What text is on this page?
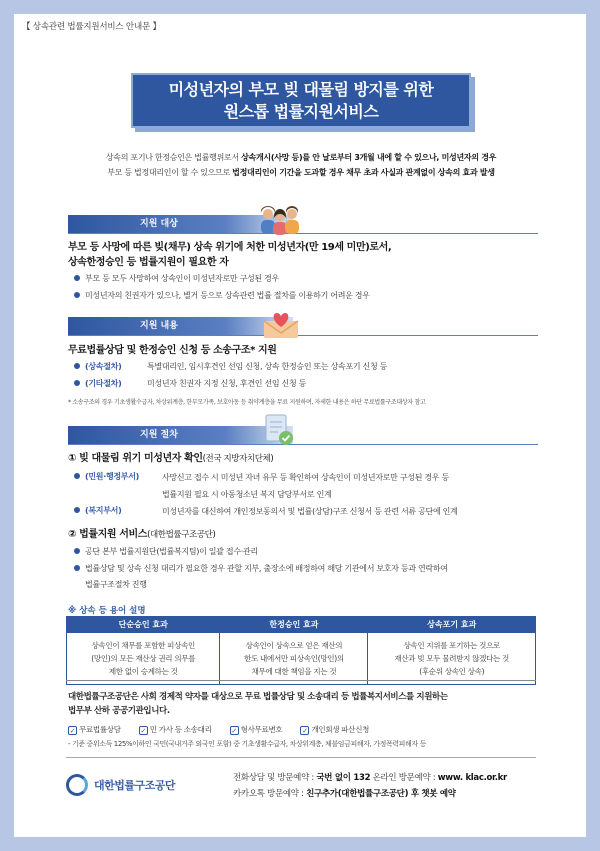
【 상속관련 법률지원서비스 안내문 】
미성년자의 부모 빚 대물림 방지를 위한
원스톱 법률지원서비스
상속의 포기나 한정승인은 법률행위로서 상속개시(사망 등)를 안 날로부터 3개월 내에 할 수 있으나, 미성년자의 경우
부모 등 법정대리인이 할 수 있으므로 법정대리인이 기간을 도과할 경우 채무 초과 사실과 관계없이 상속의 효과 발생
지원 대상
부모 등 사망에 따른 빚(채무) 상속 위기에 처한 미성년자(만 19세 미만)로서,
상속한정승인 등 법률지원이 필요한 자
부모 등 모두 사망하여 상속인이 미성년자로만 구성된 경우
미성년자의 친권자가 있으나, 별거 등으로 상속관련 법률 절차를 이용하기 어려운 경우
지원 내용
무료법률상담 및 한정승인 신청 등 소송구조* 지원
(상속절차)	특별대리인, 임시후견인 선임 신청, 상속 한정승인 또는 상속포기 신청 등
(기타절차)	미성년자 친권자 지정 신청, 후견인 선임 신청 등
* 소송구조의 경우 기초생활수급자, 차상위계층, 한부모가족, 보호아동 등 취약계층을 무료 지원하며, 자세한 내용은 하단 무료법률구조대상자 참고
지원 절차
① 빚 대물림 위기 미성년자 확인(전국 지방자치단체)
(민원·행정부서)	사망신고 접수 시 미성년 자녀 유무 등 확인하여 상속인이 미성년자로만 구성된 경우 등
법률지원 필요 시 아동청소년 복지 담당부서로 인계
(복지부서)	미성년자를 대신하여 개인정보동의서 및 법률(상담)구조 신청서 등 관련 서류 공단에 인계
② 법률지원 서비스(대한법률구조공단)
공단 본부 법률지원단(법률복지팀)이 일괄 접수·관리
법률상담 및 상속 신청 대리가 필요한 경우 관할 지부, 출장소에 배정하여 해당 기관에서 보호자 등과 연락하여
법률구조절차 진행
※ 상속 등 용어 설명
단순승인 효과	한정승인 효과	상속포기 효과
상속인이 채무를 포함한 피상속인
(망인)의 모든 재산상 권리 의무를
제한 없이 승계하는 것	상속인이 상속으로 얻은 재산의
한도 내에서만 피상속인(망인)의
채무에 대한 책임을 지는 것	상속인 지위를 포기하는 것으로
재산과 빚 모두 물려받지 않겠다는 것
(후순위 상속인 상속)
대한법률구조공단은 사회 경제적 약자를 대상으로 무료 법률상담 및 소송대리 등 법률복지서비스를 지원하는
법무부 산하 공공기관입니다.
✓ 무료법률상담	✓ 민 가사 등 소송대리	✓ 형사무료변호	✓ 개인회생 파산신청
- 기준 중위소득 125%이하인 국민(국내거주 외국인 포함) 중 기초생활수급자, 차상위계층, 체불임금피해자, 가정폭력피해자 등
대한법률구조공단
전화상담 및 방문예약 : 국번 없이 132 온라인 방문예약 : www. klac.or.kr
카카오톡 방문예약 : 친구추가(대한법률구조공단) 후 챗봇 예약
